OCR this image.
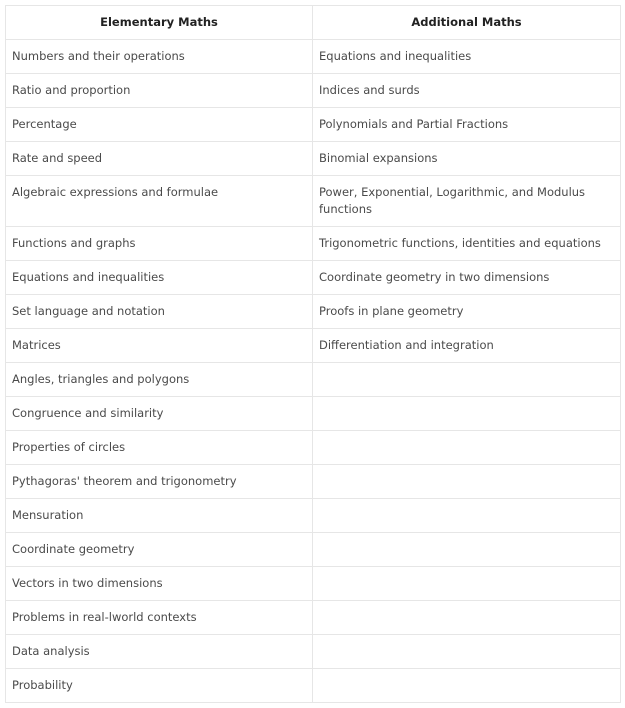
Elementary Maths	Additional Maths
Numbers and their operations	Equations and inequalities
Ratio and proportion	Indices and surds
Percentage	Polynomials and Partial Fractions
Rate and speed	Binomial expansions
Algebraic expressions and formulae	Power, Exponential, Logarithmic, and Modulus functions
Functions and graphs	Trigonometric functions, identities and equations
Equations and inequalities	Coordinate geometry in two dimensions
Set language and notation	Proofs in plane geometry
Matrices	Differentiation and integration
Angles, triangles and polygons	
Congruence and similarity	
Properties of circles	
Pythagoras' theorem and trigonometry	
Mensuration	
Coordinate geometry	
Vectors in two dimensions	
Problems in real-lworld contexts	
Data analysis	
Probability	
